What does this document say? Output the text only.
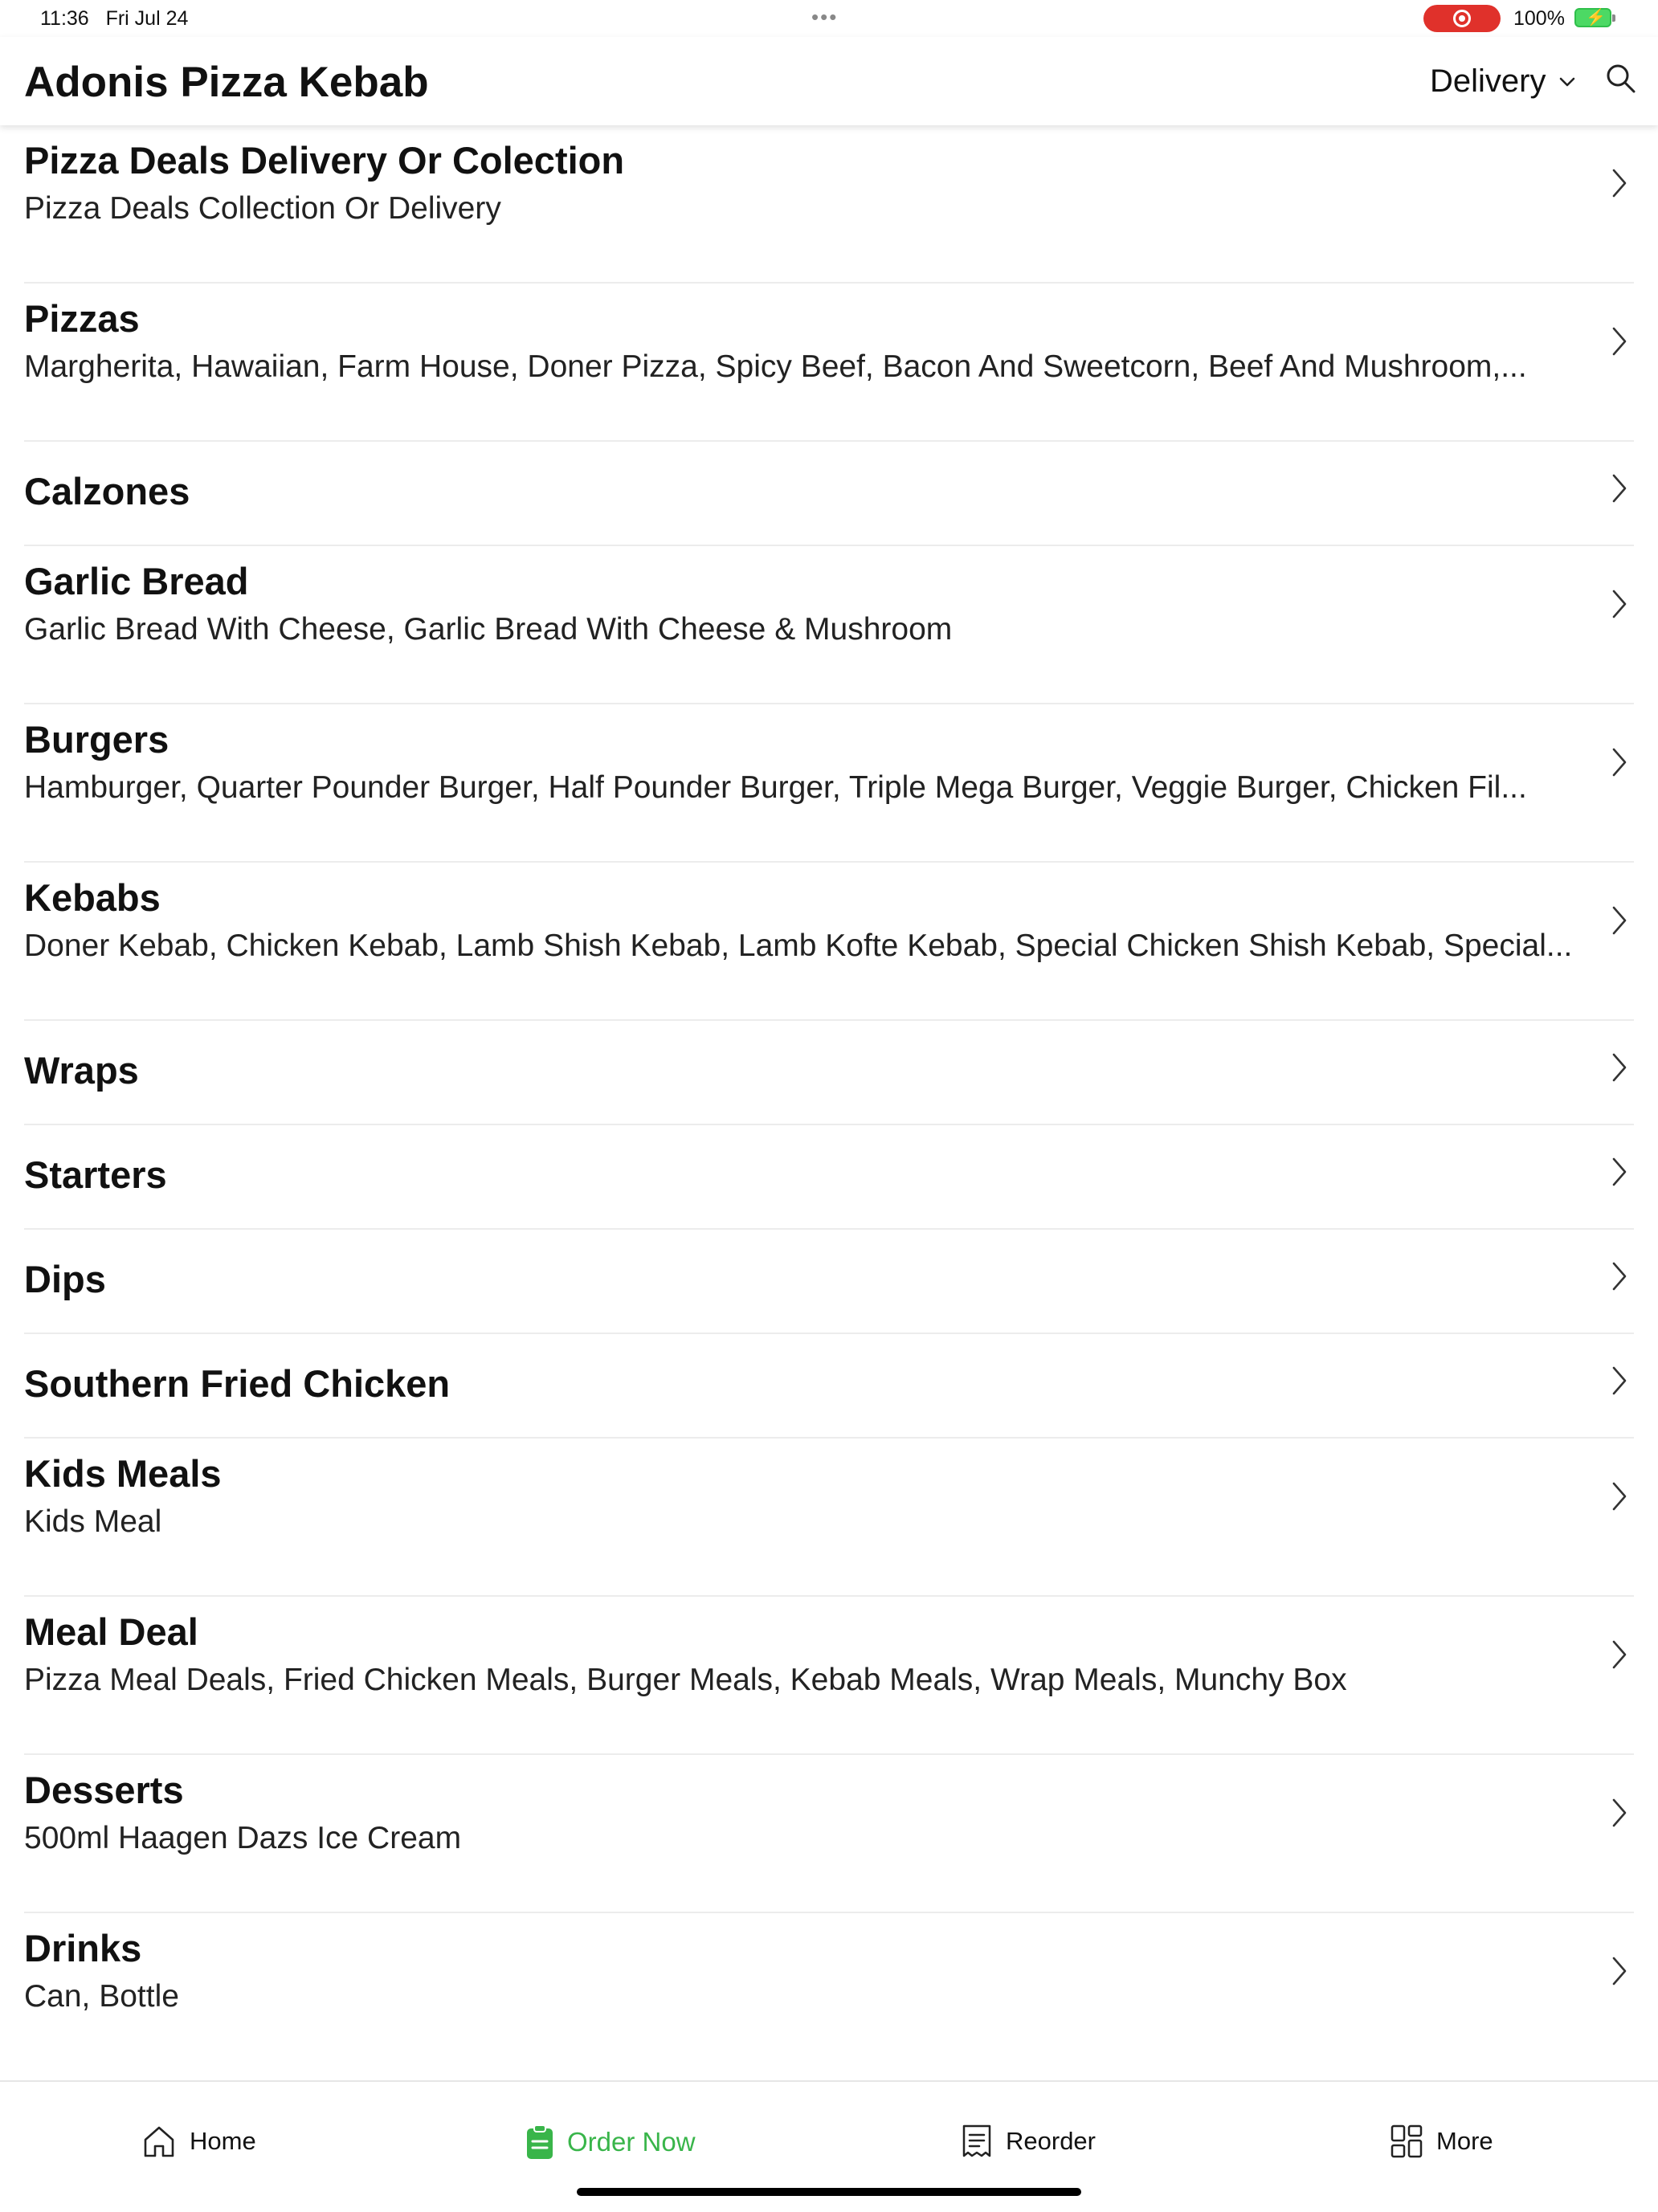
11:36 Fri Jul 24	•••	100% ⚡
Adonis Pizza Kebab	Delivery
Pizza Deals Delivery Or Colection
Pizza Deals Collection Or Delivery
Pizzas
Margherita, Hawaiian, Farm House, Doner Pizza, Spicy Beef, Bacon And Sweetcorn, Beef And Mushroom,...
Calzones
Garlic Bread
Garlic Bread With Cheese, Garlic Bread With Cheese & Mushroom
Burgers
Hamburger, Quarter Pounder Burger, Half Pounder Burger, Triple Mega Burger, Veggie Burger, Chicken Fil...
Kebabs
Doner Kebab, Chicken Kebab, Lamb Shish Kebab, Lamb Kofte Kebab, Special Chicken Shish Kebab, Special...
Wraps
Starters
Dips
Southern Fried Chicken
Kids Meals
Kids Meal
Meal Deal
Pizza Meal Deals, Fried Chicken Meals, Burger Meals, Kebab Meals, Wrap Meals, Munchy Box
Desserts
500ml Haagen Dazs Ice Cream
Drinks
Can, Bottle
Home	Order Now	Reorder	More
